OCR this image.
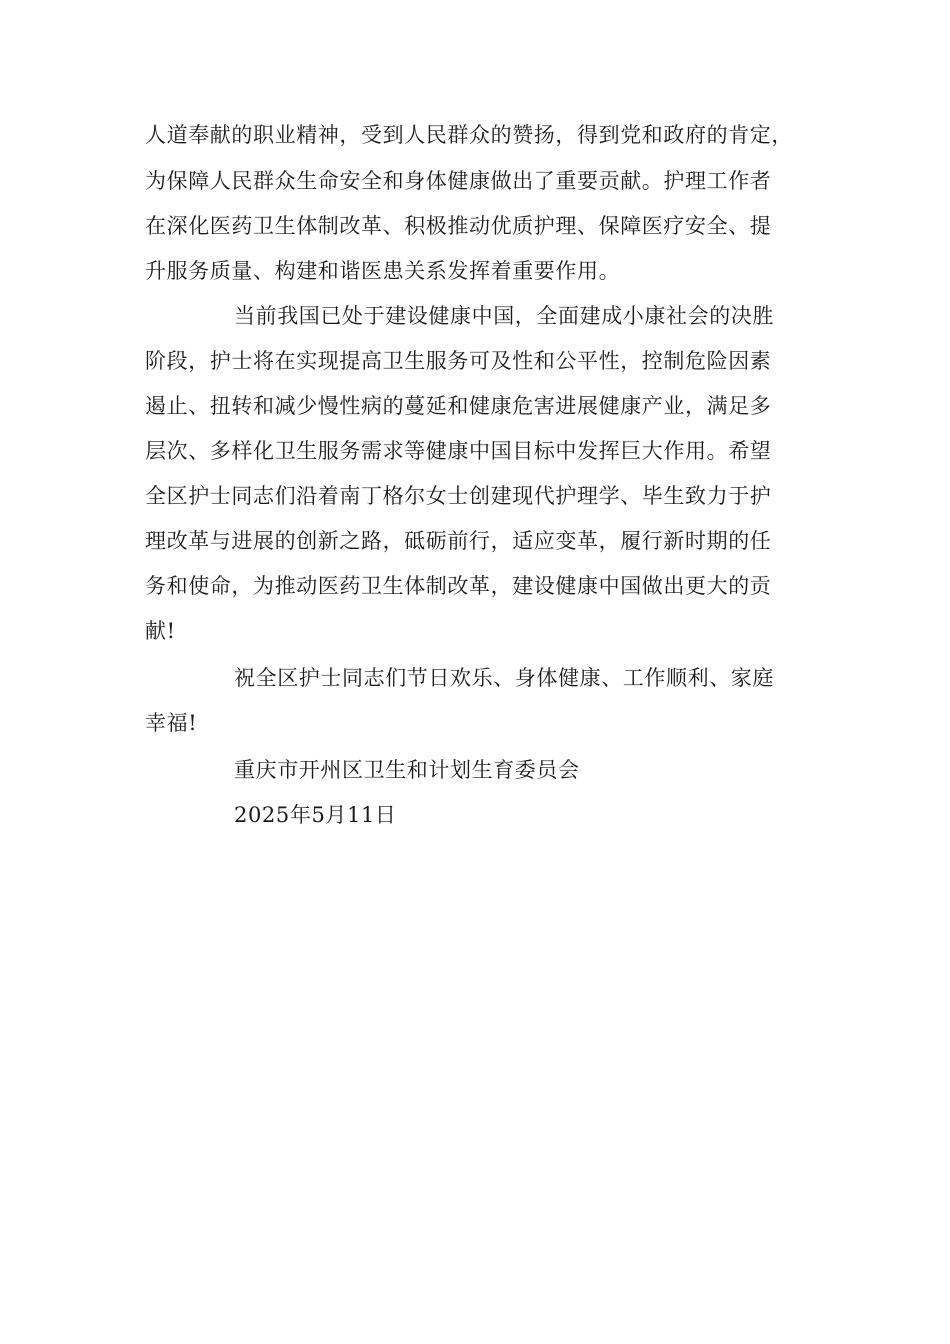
人道奉献的职业精神，受到人民群众的赞扬，得到党和政府的肯定，
为保障人民群众生命安全和身体健康做出了重要贡献。护理工作者
在深化医药卫生体制改革、积极推动优质护理、保障医疗安全、提
升服务质量、构建和谐医患关系发挥着重要作用。
当前我国已处于建设健康中国，全面建成小康社会的决胜
阶段，护士将在实现提高卫生服务可及性和公平性，控制危险因素
遏止、扭转和减少慢性病的蔓延和健康危害进展健康产业，满足多
层次、多样化卫生服务需求等健康中国目标中发挥巨大作用。希望
全区护士同志们沿着南丁格尔女士创建现代护理学、毕生致力于护
理改革与进展的创新之路，砥砺前行，适应变革，履行新时期的任
务和使命，为推动医药卫生体制改革，建设健康中国做出更大的贡
献!
祝全区护士同志们节日欢乐、身体健康、工作顺利、家庭
幸福!
重庆市开州区卫生和计划生育委员会
2025年5月11日
